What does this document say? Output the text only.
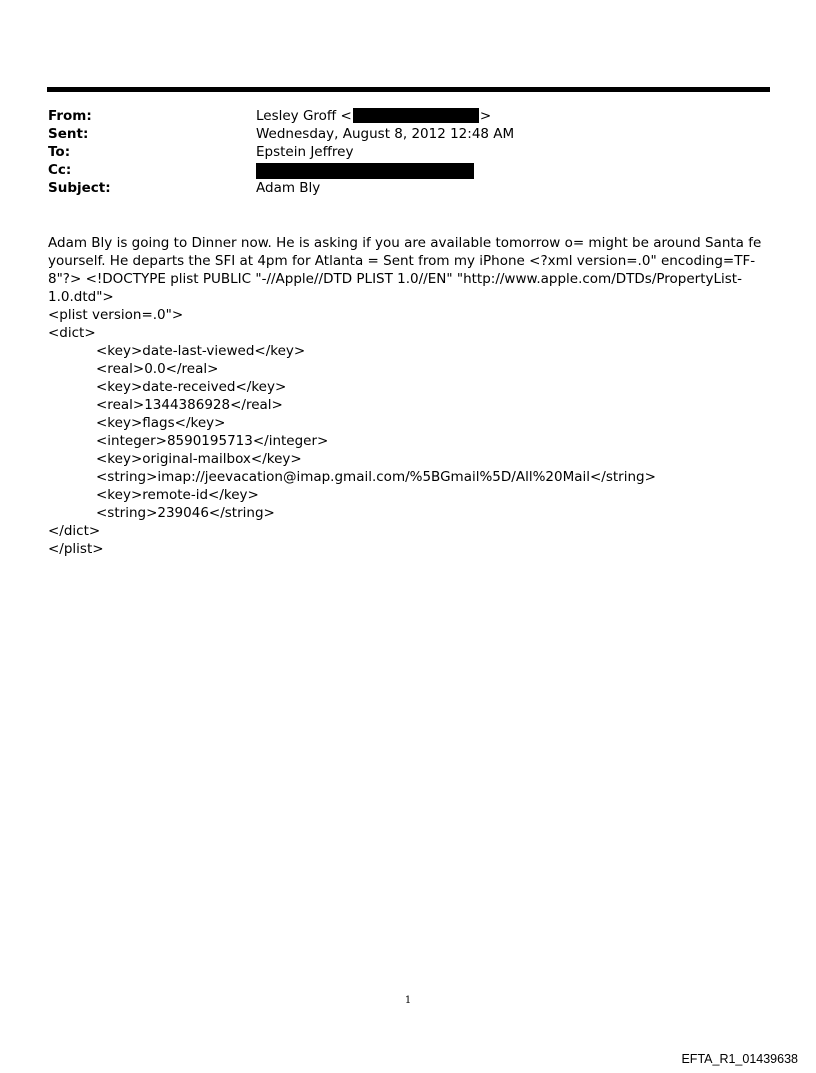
From:	Lesley Groff <	>
Sent:	Wednesday, August 8, 2012 12:48 AM
To:	Epstein Jeffrey
Cc:
Subject:	Adam Bly

Adam Bly is going to Dinner now. He is asking if you are available tomorrow o= might be around Santa fe yourself. He departs the SFI at 4pm for Atlanta = Sent from my iPhone <?xml version=.0" encoding=TF-8"?> <!DOCTYPE plist PUBLIC "-//Apple//DTD PLIST 1.0//EN" "http://www.apple.com/DTDs/PropertyList-1.0.dtd">

<plist version=.0">
<dict>
<key>date-last-viewed</key>
<real>0.0</real>
<key>date-received</key>
<real>1344386928</real>
<key>flags</key>
<integer>8590195713</integer>
<key>original-mailbox</key>
<string>imap://jeevacation@imap.gmail.com/%5BGmail%5D/All%20Mail</string>
<key>remote-id</key>
<string>239046</string>
</dict>
</plist>
1
EFTA_R1_01439638
